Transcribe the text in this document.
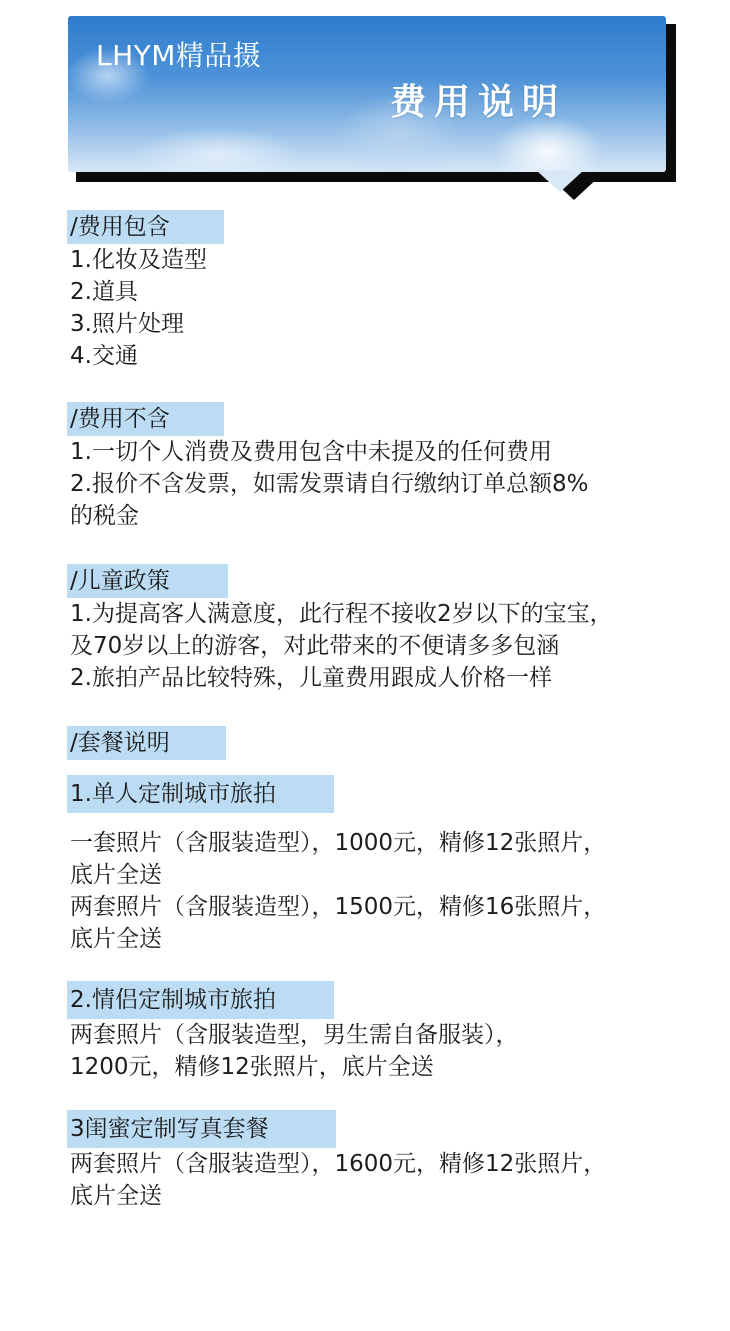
LHYM精品摄
费用说明
/费用包含
1.化妆及造型
2.道具
3.照片处理
4.交通
/费用不含
1.一切个人消费及费用包含中未提及的任何费用
2.报价不含发票，如需发票请自行缴纳订单总额8%
的税金
/儿童政策
1.为提高客人满意度，此行程不接收2岁以下的宝宝，
及70岁以上的游客，对此带来的不便请多多包涵
2.旅拍产品比较特殊，儿童费用跟成人价格一样
/套餐说明
1.单人定制城市旅拍
一套照片（含服装造型），1000元，精修12张照片，
底片全送
两套照片（含服装造型），1500元，精修16张照片，
底片全送
2.情侣定制城市旅拍
两套照片（含服装造型，男生需自备服装），
1200元，精修12张照片，底片全送
3闺蜜定制写真套餐
两套照片（含服装造型），1600元，精修12张照片，
底片全送
